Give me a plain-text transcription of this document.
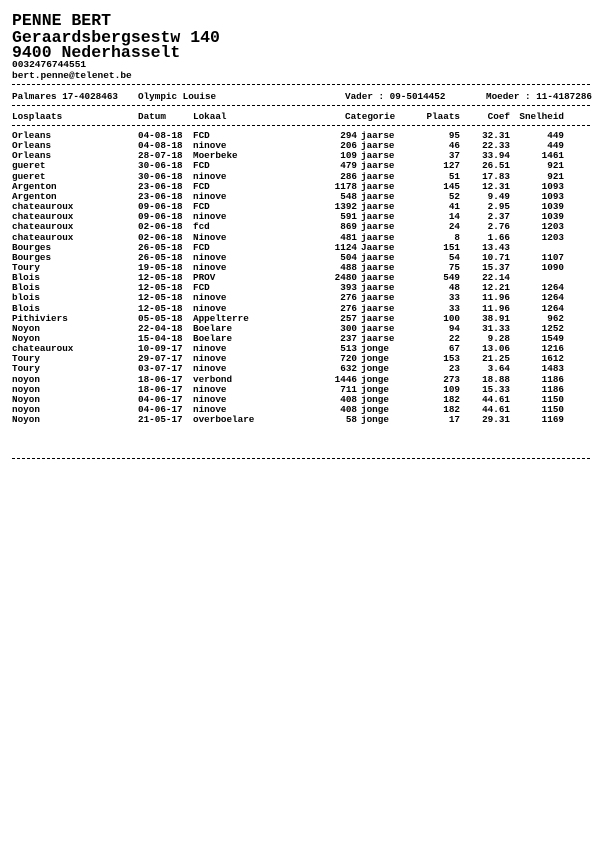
PENNE BERT
Geraardsbergsestw 140
9400 Nederhasselt
0032476744551
bert.penne@telenet.be
Palmares 17-4028463 Olympic Louise	Vader : 09-5014452	Moeder : 11-4187286
Losplaats	Datum	Lokaal	Categorie	Plaats	Coef Snelheid
Orleans	04-08-18 FCD	294 jaarse	95 32.31	449
Orleans	04-08-18 ninove	206 jaarse	46 22.33	449
Orleans	28-07-18 Moerbeke	109 jaarse	37 33.94	1461
gueret	30-06-18 FCD	479 jaarse	127 26.51	921
gueret	30-06-18 ninove	286 jaarse	51 17.83	921
Argenton	23-06-18 FCD	1178 jaarse	145 12.31	1093
Argenton	23-06-18 ninove	548 jaarse	52	9.49	1093
chateauroux	09-06-18 FCD	1392 jaarse	41	2.95	1039
chateauroux	09-06-18 ninove	591 jaarse	14	2.37	1039
chateauroux	02-06-18 fcd	869 jaarse	24	2.76	1203
chateauroux	02-06-18 Ninove	481 jaarse	8	1.66	1203
Bourges	26-05-18 FCD	1124 Jaarse	151 13.43
Bourges	26-05-18 ninove	504 jaarse	54 10.71	1107
Toury	19-05-18 ninove	488 jaarse	75 15.37	1090
Blois	12-05-18 PROV	2480 jaarse	549 22.14
Blois	12-05-18 FCD	393 jaarse	48 12.21	1264
blois	12-05-18 ninove	276 jaarse	33 11.96	1264
Blois	12-05-18 ninove	276 jaarse	33 11.96	1264
Pithiviers	05-05-18 Appelterre	257 jaarse	100 38.91	962
Noyon	22-04-18 Boelare	300 jaarse	94 31.33	1252
Noyon	15-04-18 Boelare	237 jaarse	22	9.28	1549
chateauroux	10-09-17 ninove	513 jonge	67 13.06	1216
Toury	29-07-17 ninove	720 jonge	153 21.25	1612
Toury	03-07-17 ninove	632 jonge	23	3.64	1483
noyon	18-06-17 verbond	1446 jonge	273 18.88	1186
noyon	18-06-17 ninove	711 jonge	109 15.33	1186
Noyon	04-06-17 ninove	408 jonge	182 44.61	1150
noyon	04-06-17 ninove	408 jonge	182 44.61	1150
Noyon	21-05-17 overboelare	58 jonge	17 29.31	1169
